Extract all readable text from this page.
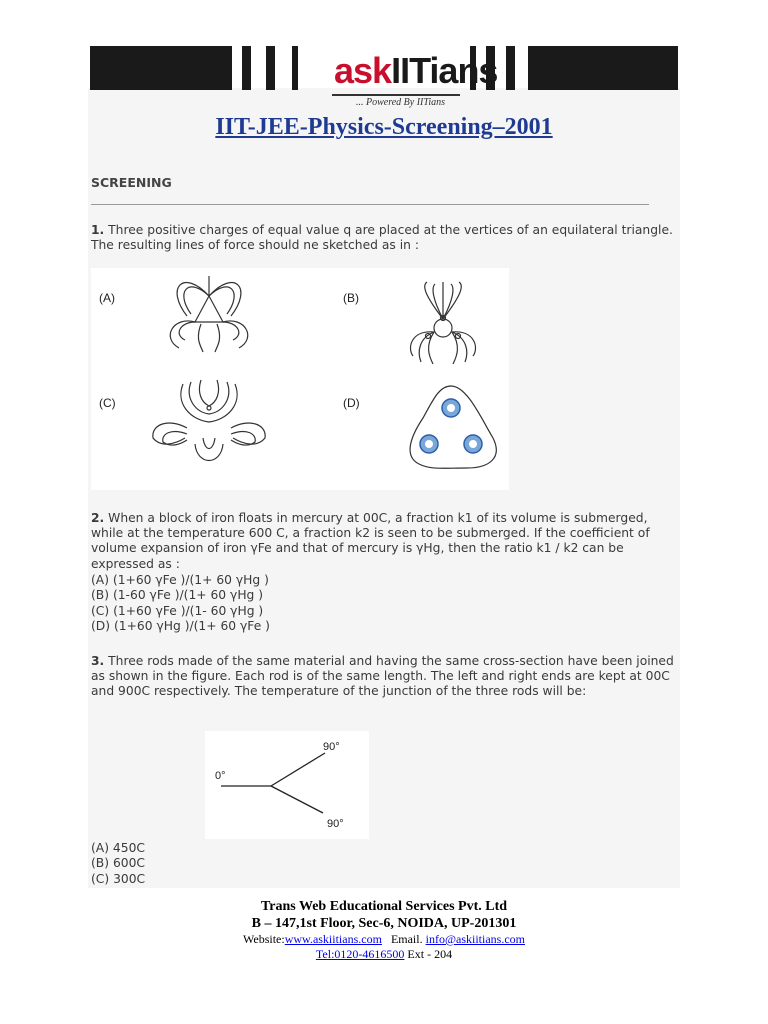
askIITians
... Powered By IITians
IIT-JEE-Physics-Screening–2001
SCREENING
1. Three positive charges of equal value q are placed at the vertices of an equilateral triangle. The resulting lines of force should ne sketched as in :
(A)	(B)
(C)	(D)
2. When a block of iron floats in mercury at 00C, a fraction k1 of its volume is submerged, while at the temperature 600 C, a fraction k2 is seen to be submerged. If the coefficient of volume expansion of iron γFe and that of mercury is γHg, then the ratio k1 / k2 can be expressed as :
(A) (1+60 γFe )/(1+ 60 γHg )
(B) (1-60 γFe )/(1+ 60 γHg )
(C) (1+60 γFe )/(1- 60 γHg )
(D) (1+60 γHg )/(1+ 60 γFe )
3. Three rods made of the same material and having the same cross-section have been joined as shown in the figure. Each rod is of the same length. The left and right ends are kept at 00C and 900C respectively. The temperature of the junction of the three rods will be:
0°
90°
90°
(A) 450C
(B) 600C
(C) 300C
Trans Web Educational Services Pvt. Ltd
B – 147,1st Floor, Sec-6, NOIDA, UP-201301
Website:www.askiitians.com Email. info@askiitians.com
Tel:0120-4616500 Ext - 204
